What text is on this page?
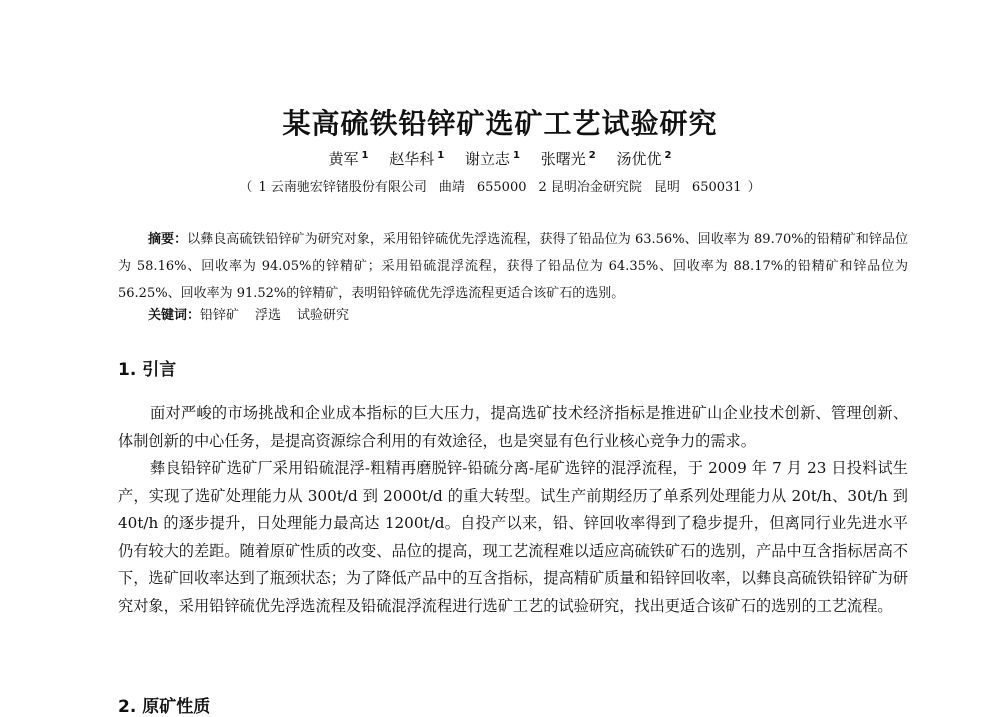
某高硫铁铅锌矿选矿工艺试验研究
黄军 $^1$ 赵华科 $^1$ 谢立志 $^1$ 张曙光 $^2$ 汤优优 $^2$
（ 1 云南驰宏锌锗股份有限公司 曲靖 655000 2 昆明冶金研究院 昆明 650031 ）
摘要：以彝良高硫铁铅锌矿为研究对象，采用铅锌硫优先浮选流程，获得了铅品位为 63.56%、回收率为 89.70%的铅精矿和锌品位为 58.16%、回收率为 94.05%的锌精矿；采用铅硫混浮流程，获得了铅品位为 64.35%、回收率为 88.17%的铅精矿和锌品位为 56.25%、回收率为 91.52%的锌精矿，表明铅锌硫优先浮选流程更适合该矿石的选别。
关键词：铅锌矿 浮选 试验研究
1. 引言

面对严峻的市场挑战和企业成本指标的巨大压力，提高选矿技术经济指标是推进矿山企业技术创新、管理创新、体制创新的中心任务，是提高资源综合利用的有效途径，也是突显有色行业核心竞争力的需求。

彝良铅锌矿选矿厂采用铅硫混浮-粗精再磨脱锌-铅硫分离-尾矿选锌的混浮流程，于 2009 年 7 月 23 日投料试生产，实现了选矿处理能力从 300t/d 到 2000t/d 的重大转型。试生产前期经历了单系列处理能力从 20t/h、30t/h 到 40t/h 的逐步提升，日处理能力最高达 1200t/d。自投产以来，铅、锌回收率得到了稳步提升，但离同行业先进水平仍有较大的差距。随着原矿性质的改变、品位的提高，现工艺流程难以适应高硫铁矿石的选别，产品中互含指标居高不下，选矿回收率达到了瓶颈状态；为了降低产品中的互含指标，提高精矿质量和铅锌回收率，以彝良高硫铁铅锌矿为研究对象，采用铅锌硫优先浮选流程及铅硫混浮流程进行选矿工艺的试验研究，找出更适合该矿石的选别的工艺流程。

2. 原矿性质
